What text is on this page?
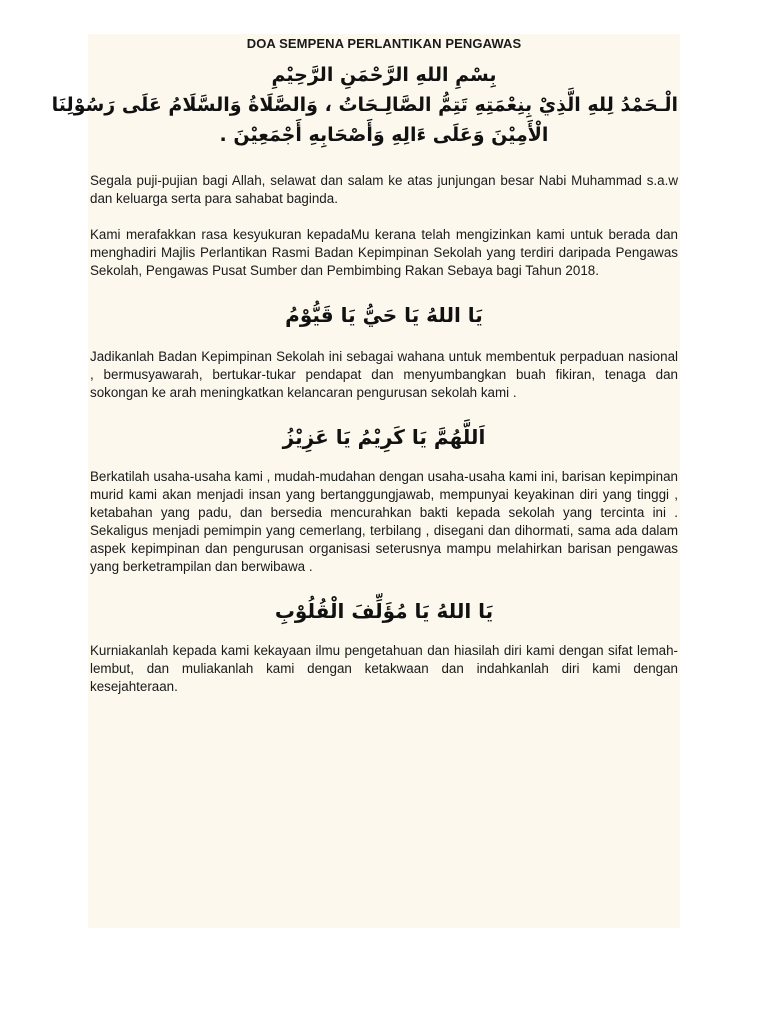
DOA SEMPENA PERLANTIKAN PENGAWAS

بِسْمِ اللهِ الرَّحْمَنِ الرَّحِيْمِ
الْـحَمْدُ لِلهِ الَّذِيْ بِنِعْمَتِهِ تَتِمُّ الصَّالِـحَاتُ ، وَالصَّلَاةُ وَالسَّلَامُ عَلَى رَسُوْلِنَا
الْأَمِيْنَ وَعَلَى ءَالِهِ وَأَصْحَابِهِ أَجْمَعِيْنَ .

Segala puji-pujian bagi Allah, selawat dan salam ke atas junjungan besar Nabi Muhammad s.a.w dan keluarga serta para sahabat baginda.

Kami merafakkan rasa kesyukuran kepadaMu kerana telah mengizinkan kami untuk berada dan menghadiri Majlis Perlantikan Rasmi Badan Kepimpinan Sekolah yang terdiri daripada Pengawas Sekolah, Pengawas Pusat Sumber dan Pembimbing Rakan Sebaya bagi Tahun 2018.

يَا اللهُ يَا حَيُّ يَا قَيُّوْمُ

Jadikanlah Badan Kepimpinan Sekolah ini sebagai wahana untuk membentuk perpaduan nasional , bermusyawarah, bertukar-tukar pendapat dan menyumbangkan buah fikiran, tenaga dan sokongan ke arah meningkatkan kelancaran pengurusan sekolah kami .

اَللَّهُمَّ يَا كَرِيْمُ يَا عَزِيْزُ

Berkatilah usaha-usaha kami , mudah-mudahan dengan usaha-usaha kami ini, barisan kepimpinan murid kami akan menjadi insan yang bertanggungjawab, mempunyai keyakinan diri yang tinggi , ketabahan yang padu, dan bersedia mencurahkan bakti kepada sekolah yang tercinta ini . Sekaligus menjadi pemimpin yang cemerlang, terbilang , disegani dan dihormati, sama ada dalam aspek kepimpinan dan pengurusan organisasi seterusnya mampu melahirkan barisan pengawas yang berketrampilan dan berwibawa .

يَا اللهُ يَا مُؤَلِّفَ الْقُلُوْبِ

Kurniakanlah kepada kami kekayaan ilmu pengetahuan dan hiasilah diri kami dengan sifat lemah-lembut, dan muliakanlah kami dengan ketakwaan dan indahkanlah diri kami dengan kesejahteraan.
